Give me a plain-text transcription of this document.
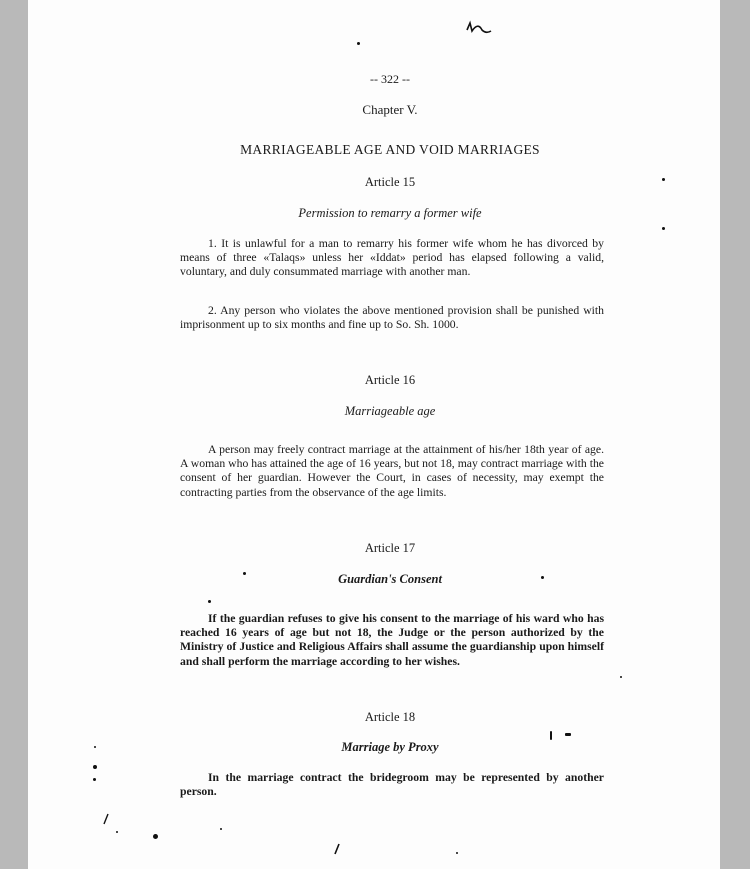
-- 322 --
Chapter V.
MARRIAGEABLE AGE AND VOID MARRIAGES
Article 15
Permission to remarry a former wife

1. It is unlawful for a man to remarry his former wife whom he has divorced by means of three «Talaqs» unless her «Iddat» period has elapsed following a valid, voluntary, and duly consummated marriage with another man.

2. Any person who violates the above mentioned provision shall be punished with imprisonment up to six months and fine up to So. Sh. 1000.

Article 16
Marriageable age

A person may freely contract marriage at the attainment of his/her 18th year of age. A woman who has attained the age of 16 years, but not 18, may contract marriage with the consent of her guardian. However the Court, in cases of necessity, may exempt the contracting parties from the observance of the age limits.

Article 17
Guardian's Consent

If the guardian refuses to give his consent to the marriage of his ward who has reached 16 years of age but not 18, the Judge or the person authorized by the Ministry of Justice and Religious Affairs shall assume the guardianship upon himself and shall perform the marriage according to her wishes.

Article 18
Marriage by Proxy

In the marriage contract the bridegroom may be represented by another person.
